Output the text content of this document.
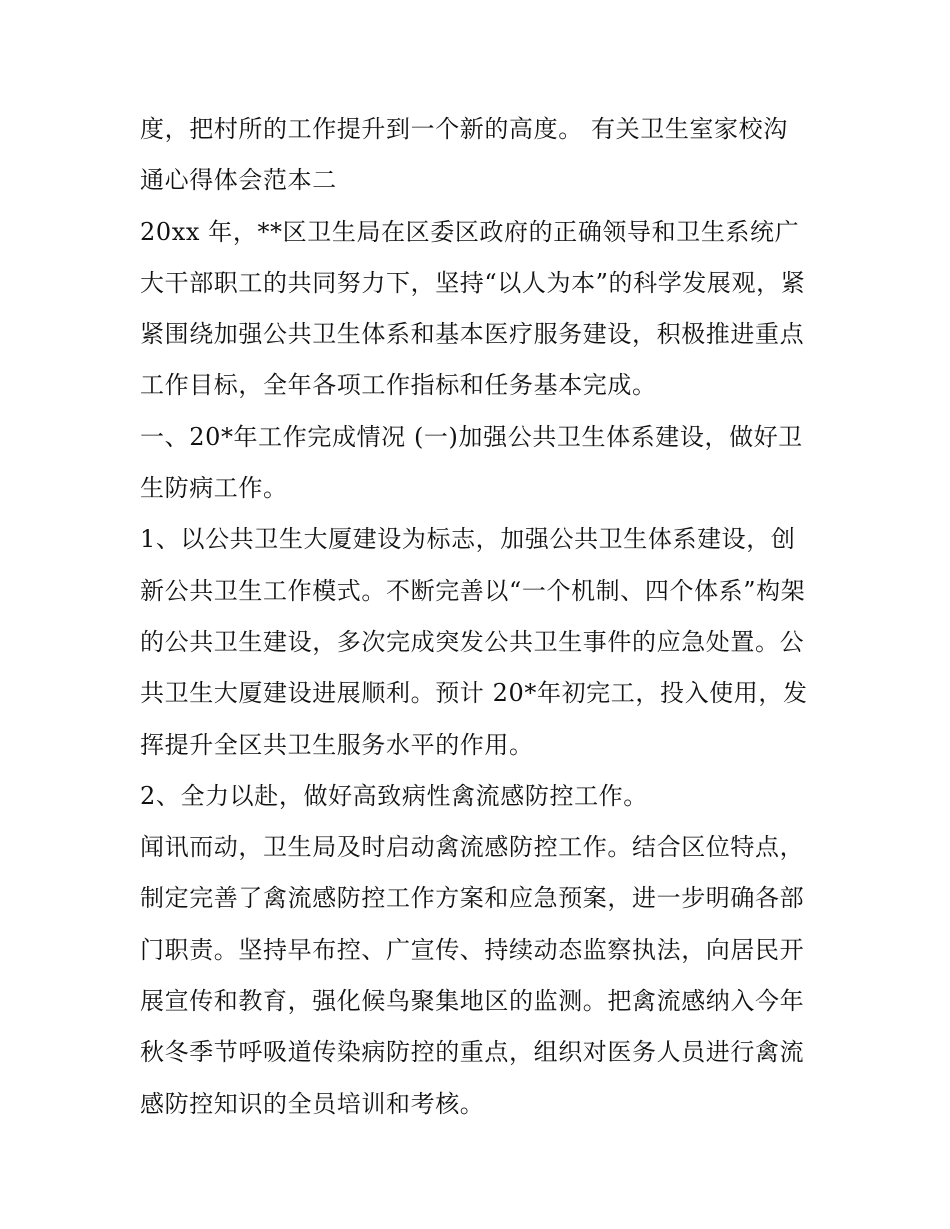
度，把村所的工作提升到一个新的高度。 有关卫生室家校沟
通心得体会范本二
20xx 年，**区卫生局在区委区政府的正确领导和卫生系统广
大干部职工的共同努力下，坚持“以人为本”的科学发展观，紧
紧围绕加强公共卫生体系和基本医疗服务建设，积极推进重点
工作目标，全年各项工作指标和任务基本完成。
一、20*年工作完成情况 (一)加强公共卫生体系建设，做好卫
生防病工作。
1、以公共卫生大厦建设为标志，加强公共卫生体系建设，创
新公共卫生工作模式。不断完善以“一个机制、四个体系”构架
的公共卫生建设，多次完成突发公共卫生事件的应急处置。公
共卫生大厦建设进展顺利。预计 20*年初完工，投入使用，发
挥提升全区共卫生服务水平的作用。
2、全力以赴，做好高致病性禽流感防控工作。
闻讯而动，卫生局及时启动禽流感防控工作。结合区位特点，
制定完善了禽流感防控工作方案和应急预案，进一步明确各部
门职责。坚持早布控、广宣传、持续动态监察执法，向居民开
展宣传和教育，强化候鸟聚集地区的监测。把禽流感纳入今年
秋冬季节呼吸道传染病防控的重点，组织对医务人员进行禽流
感防控知识的全员培训和考核。
